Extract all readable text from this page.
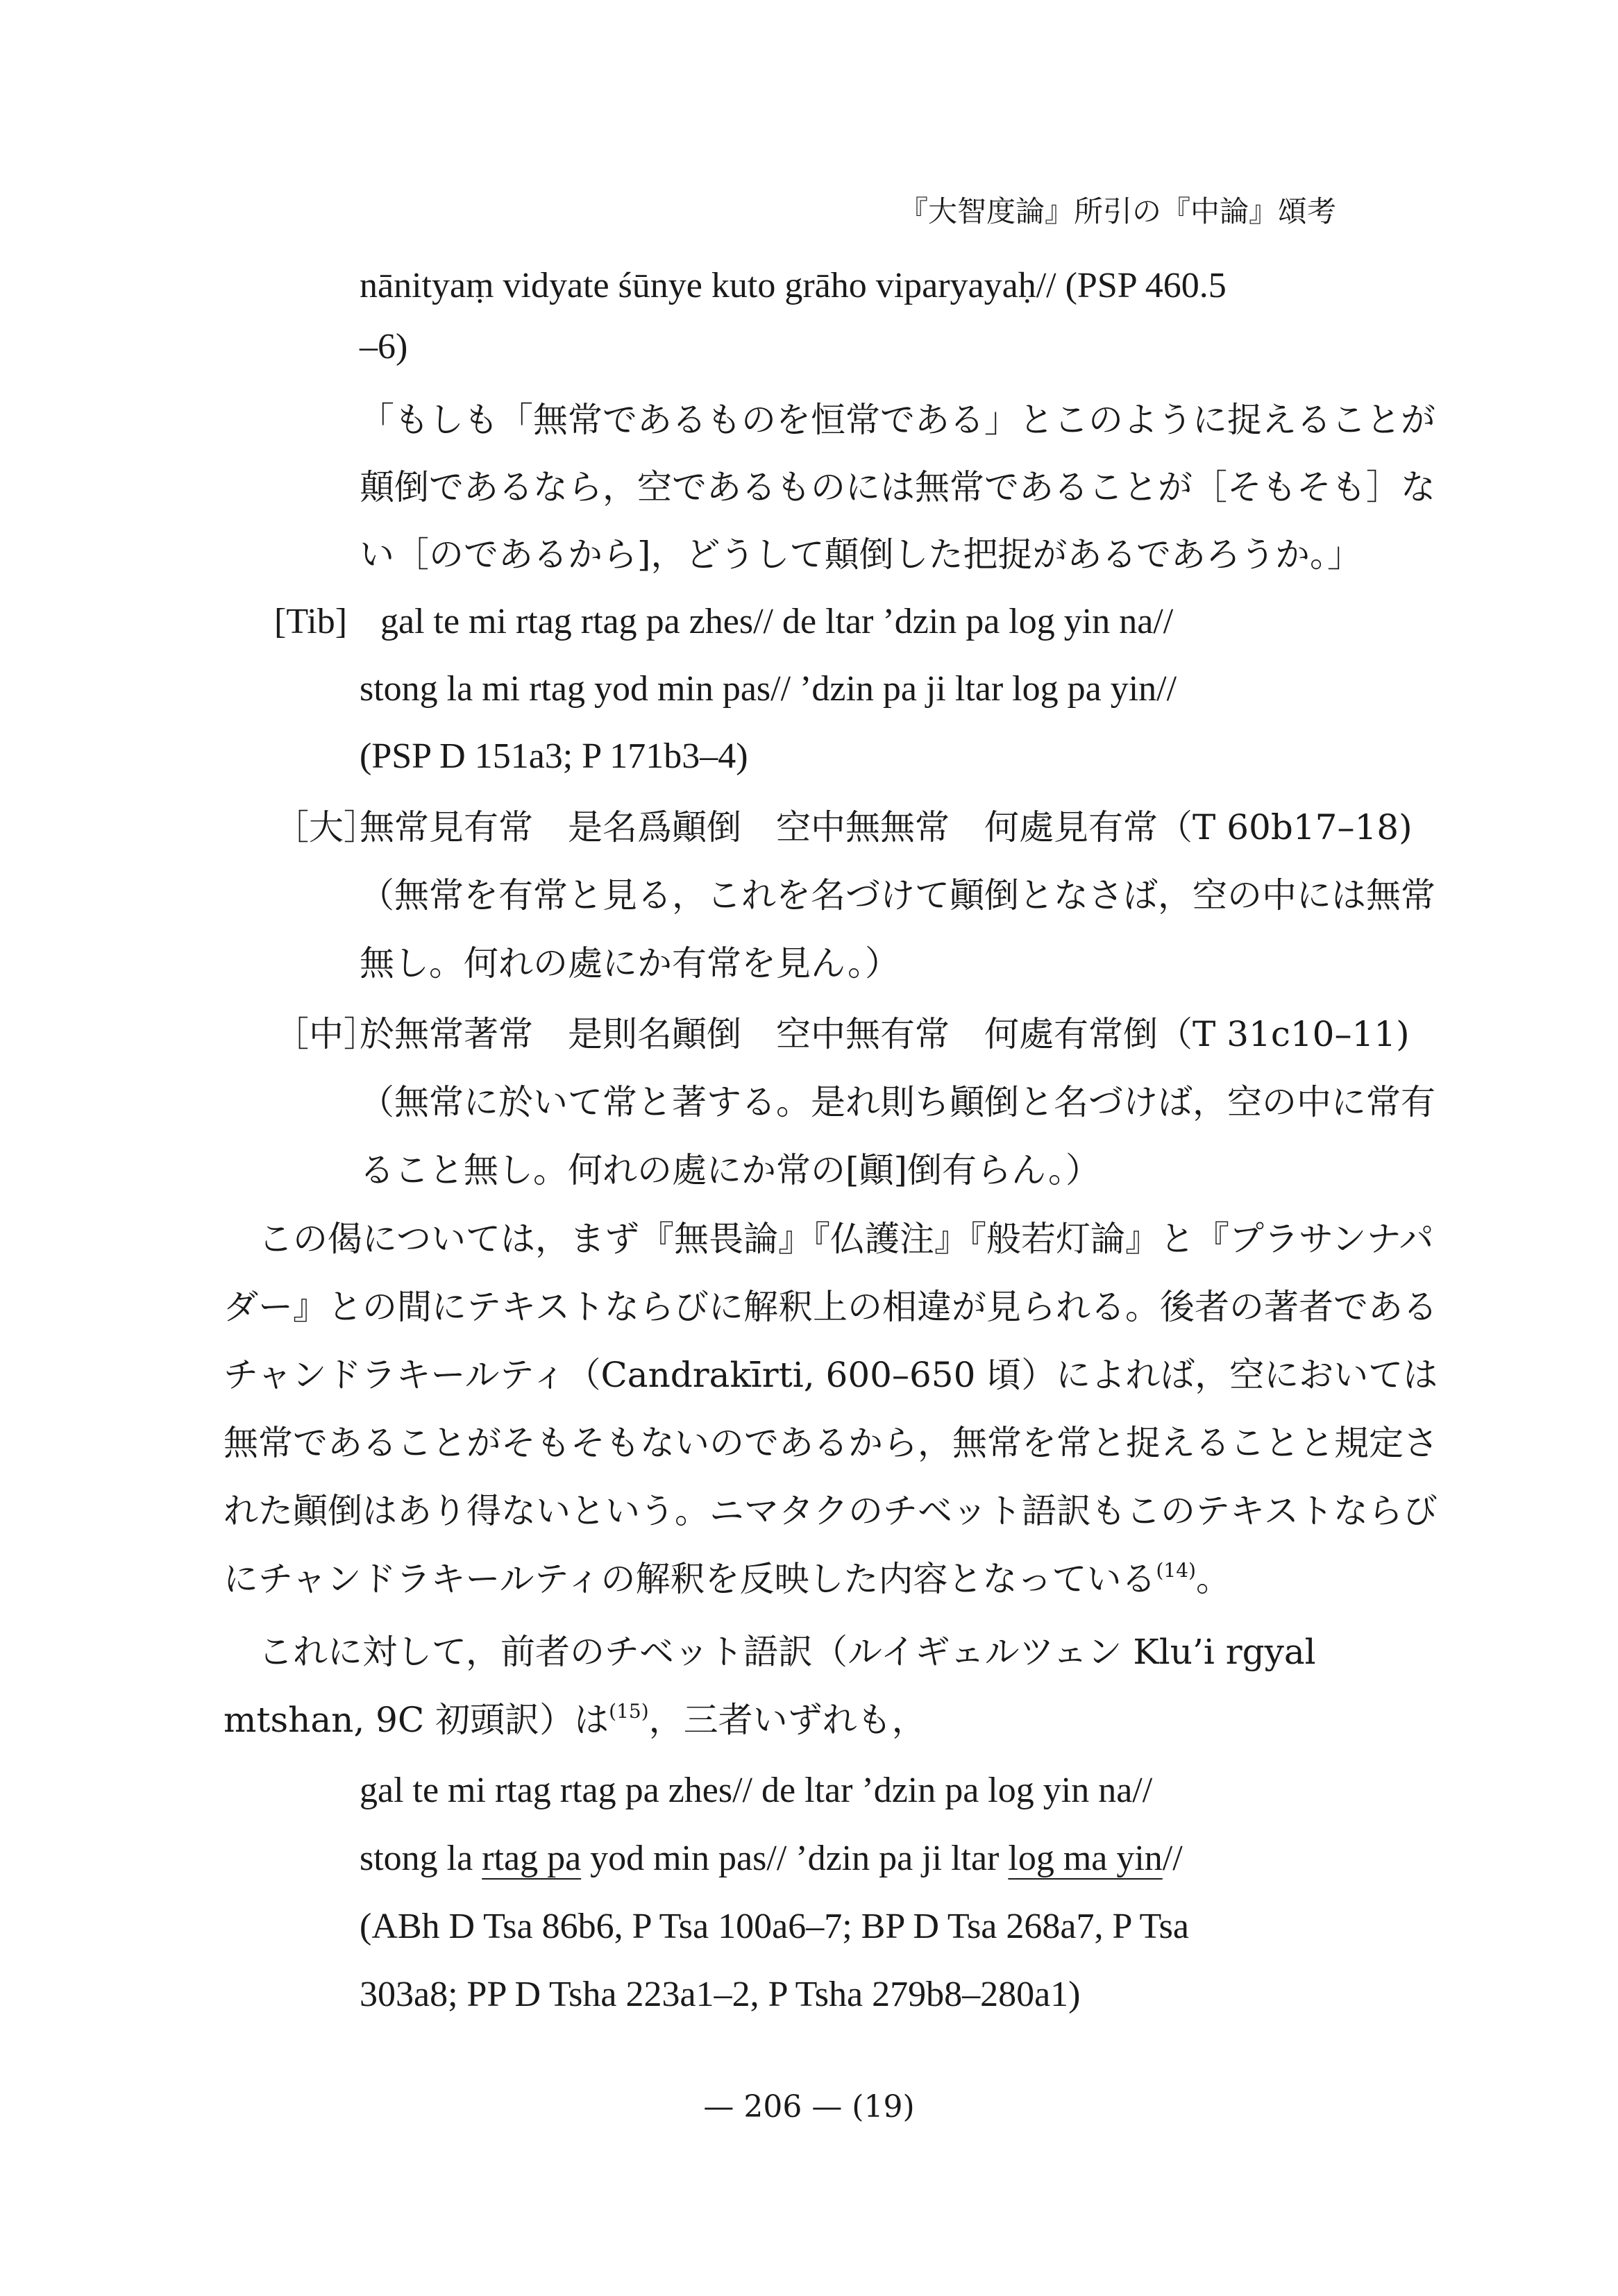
『大智度論』所引の『中論』頌考
nānityaṃ vidyate śūnye kuto grāho viparyayaḥ// (PSP 460.5
–6)
「もしも「無常であるものを恒常である」とこのように捉えることが
顛倒であるなら，空であるものには無常であることが［そもそも］な
い［のであるから]，どうして顛倒した把捉があるであろうか。」
[Tib] gal te mi rtag rtag pa zhes// de ltar ’dzin pa log yin na//
stong la mi rtag yod min pas// ’dzin pa ji ltar log pa yin//
(PSP D 151a3; P 171b3–4)
［大］
無常見有常　是名爲顚倒　空中無無常　何處見有常（T 60b17–18)
（無常を有常と見る，これを名づけて顚倒となさば，空の中には無常
無し。何れの處にか有常を見ん。）
［中］
於無常著常　是則名顚倒　空中無有常　何處有常倒（T 31c10–11)
（無常に於いて常と著する。是れ則ち顚倒と名づけば，空の中に常有
ること無し。何れの處にか常の[顚]倒有らん。）
この偈については，まず『無畏論』『仏護注』『般若灯論』と『プラサンナパ
ダー』との間にテキストならびに解釈上の相違が見られる。後者の著者である
チャンドラキールティ（Candrakīrti, 600–650 頃）によれば，空においては
無常であることがそもそもないのであるから，無常を常と捉えることと規定さ
れた顚倒はあり得ないという。ニマタクのチベット語訳もこのテキストならび
にチャンドラキールティの解釈を反映した内容となっている$^{(14)}$。
これに対して，前者のチベット語訳（ルイギェルツェン Klu’i rgyal
mtshan, 9C 初頭訳）は$^{(15)}$，三者いずれも，
gal te mi rtag rtag pa zhes// de ltar ’dzin pa log yin na//
stong la rtag pa yod min pas// ’dzin pa ji ltar log ma yin//
(ABh D Tsa 86b6, P Tsa 100a6–7; BP D Tsa 268a7, P Tsa
303a8; PP D Tsha 223a1–2, P Tsha 279b8–280a1)
— 206 — (19)
